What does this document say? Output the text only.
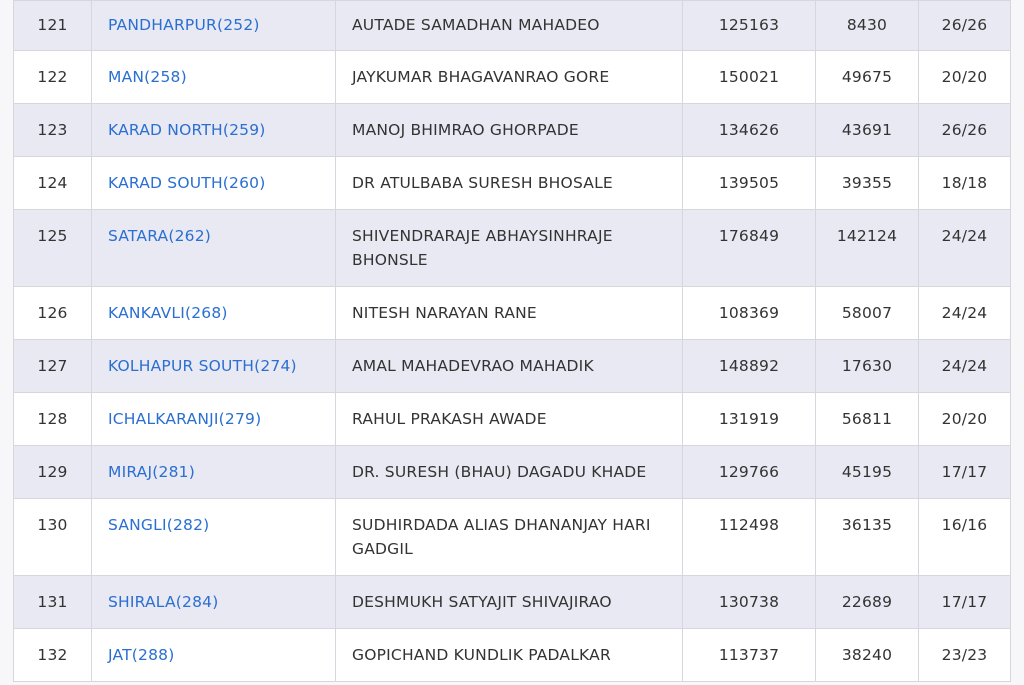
121	PANDHARPUR(252)	AUTADE SAMADHAN MAHADEO	125163	8430	26/26
122	MAN(258)	JAYKUMAR BHAGAVANRAO GORE	150021	49675	20/20
123	KARAD NORTH(259)	MANOJ BHIMRAO GHORPADE	134626	43691	26/26
124	KARAD SOUTH(260)	DR ATULBABA SURESH BHOSALE	139505	39355	18/18
125	SATARA(262)	SHIVENDRARAJE ABHAYSINHRAJE BHONSLE	176849	142124	24/24
126	KANKAVLI(268)	NITESH NARAYAN RANE	108369	58007	24/24
127	KOLHAPUR SOUTH(274)	AMAL MAHADEVRAO MAHADIK	148892	17630	24/24
128	ICHALKARANJI(279)	RAHUL PRAKASH AWADE	131919	56811	20/20
129	MIRAJ(281)	DR. SURESH (BHAU) DAGADU KHADE	129766	45195	17/17
130	SANGLI(282)	SUDHIRDADA ALIAS DHANANJAY HARI GADGIL	112498	36135	16/16
131	SHIRALA(284)	DESHMUKH SATYAJIT SHIVAJIRAO	130738	22689	17/17
132	JAT(288)	GOPICHAND KUNDLIK PADALKAR	113737	38240	23/23
